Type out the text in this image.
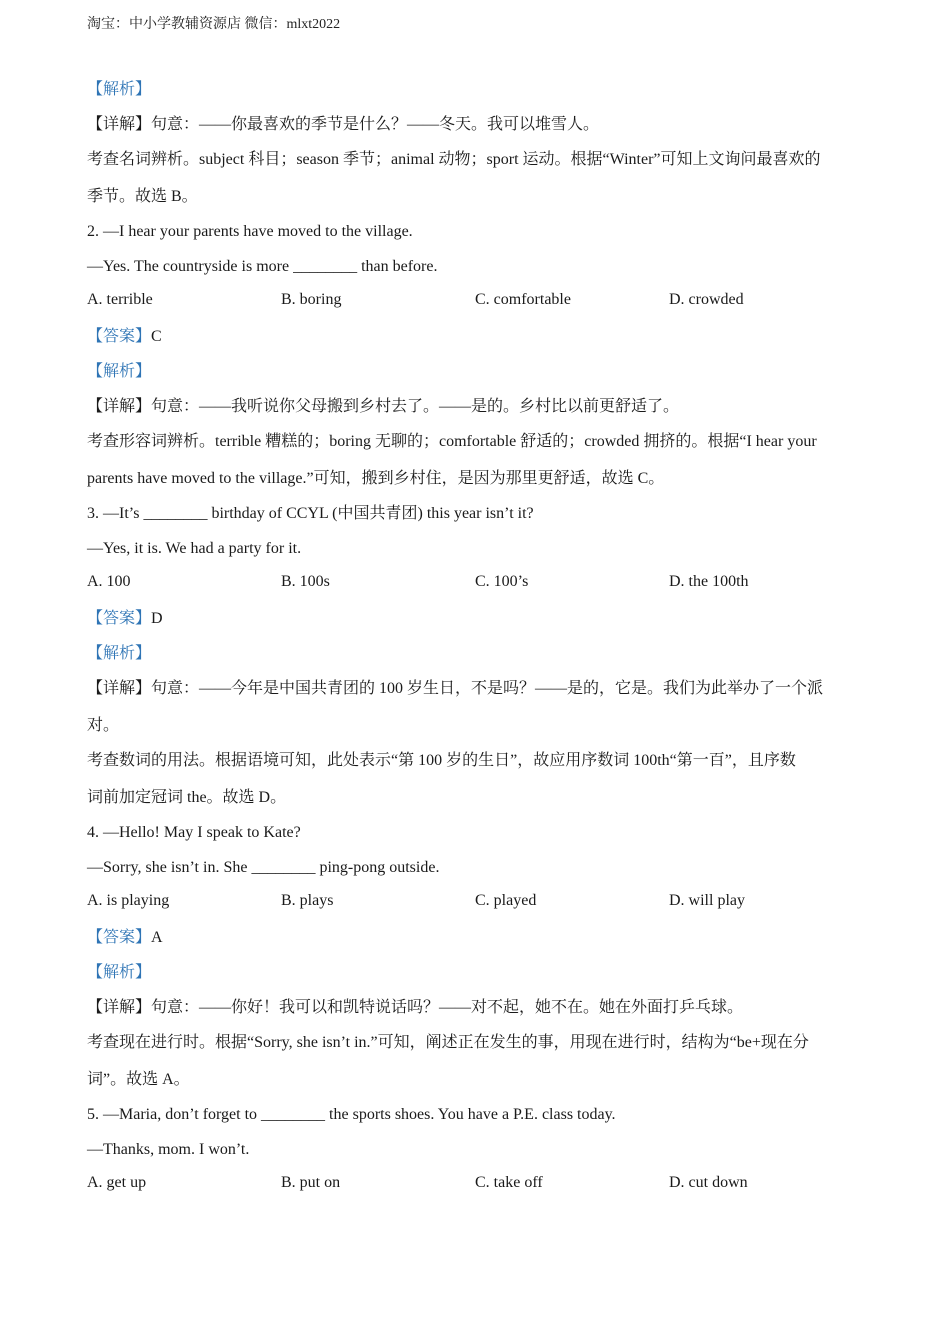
淘宝：中小学教辅资源店 微信：mlxt2022
【解析】
【详解】句意：——你最喜欢的季节是什么？——冬天。我可以堆雪人。
考查名词辨析。subject 科目；season 季节；animal 动物；sport 运动。根据“Winter”可知上文询问最喜欢的
季节。故选 B。
2. —I hear your parents have moved to the village.
—Yes. The countryside is more ________ than before.
A. terrible	B. boring	C. comfortable	D. crowded
【答案】C
【解析】
【详解】句意：——我听说你父母搬到乡村去了。——是的。乡村比以前更舒适了。
考查形容词辨析。terrible 糟糕的；boring 无聊的；comfortable 舒适的；crowded 拥挤的。根据“I hear your
parents have moved to the village.”可知，搬到乡村住，是因为那里更舒适，故选 C。
3. —It’s ________ birthday of CCYL (中国共青团) this year isn’t it?
—Yes, it is. We had a party for it.
A. 100	B. 100s	C. 100’s	D. the 100th
【答案】D
【解析】
【详解】句意：——今年是中国共青团的 100 岁生日，不是吗？——是的，它是。我们为此举办了一个派
对。
考查数词的用法。根据语境可知，此处表示“第 100 岁的生日”，故应用序数词 100th“第一百”，且序数
词前加定冠词 the。故选 D。
4. —Hello! May I speak to Kate?
—Sorry, she isn’t in. She ________ ping-pong outside.
A. is playing	B. plays	C. played	D. will play
【答案】A
【解析】
【详解】句意：——你好！我可以和凯特说话吗？——对不起，她不在。她在外面打乒乓球。
考查现在进行时。根据“Sorry, she isn’t in.”可知，阐述正在发生的事，用现在进行时，结构为“be+现在分
词”。故选 A。
5. —Maria, don’t forget to ________ the sports shoes. You have a P.E. class today.
—Thanks, mom. I won’t.
A. get up	B. put on	C. take off	D. cut down
